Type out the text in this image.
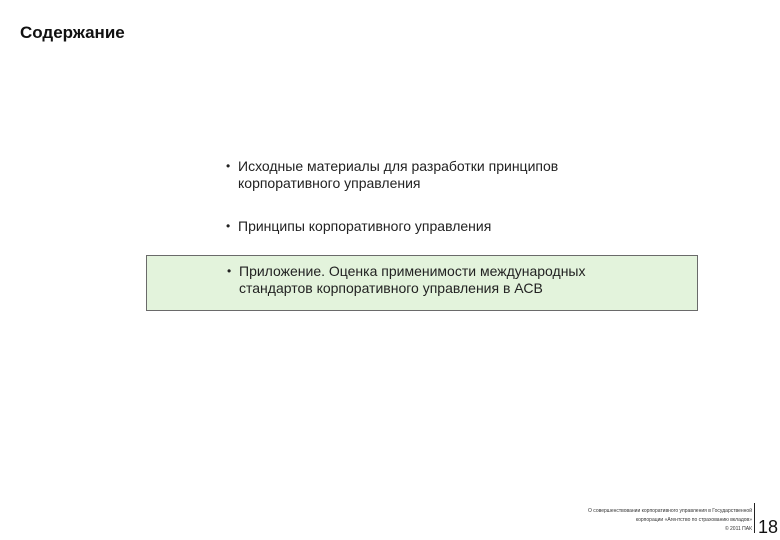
Содержание
• Исходные материалы для разработки принципов корпоративного управления
• Принципы корпоративного управления
• Приложение. Оценка применимости международных стандартов корпоративного управления в АСВ
О совершенствовании корпоративного управления в Государственной
корпорации «Агентство по страхованию вкладов»
© 2011 ПАК 18
